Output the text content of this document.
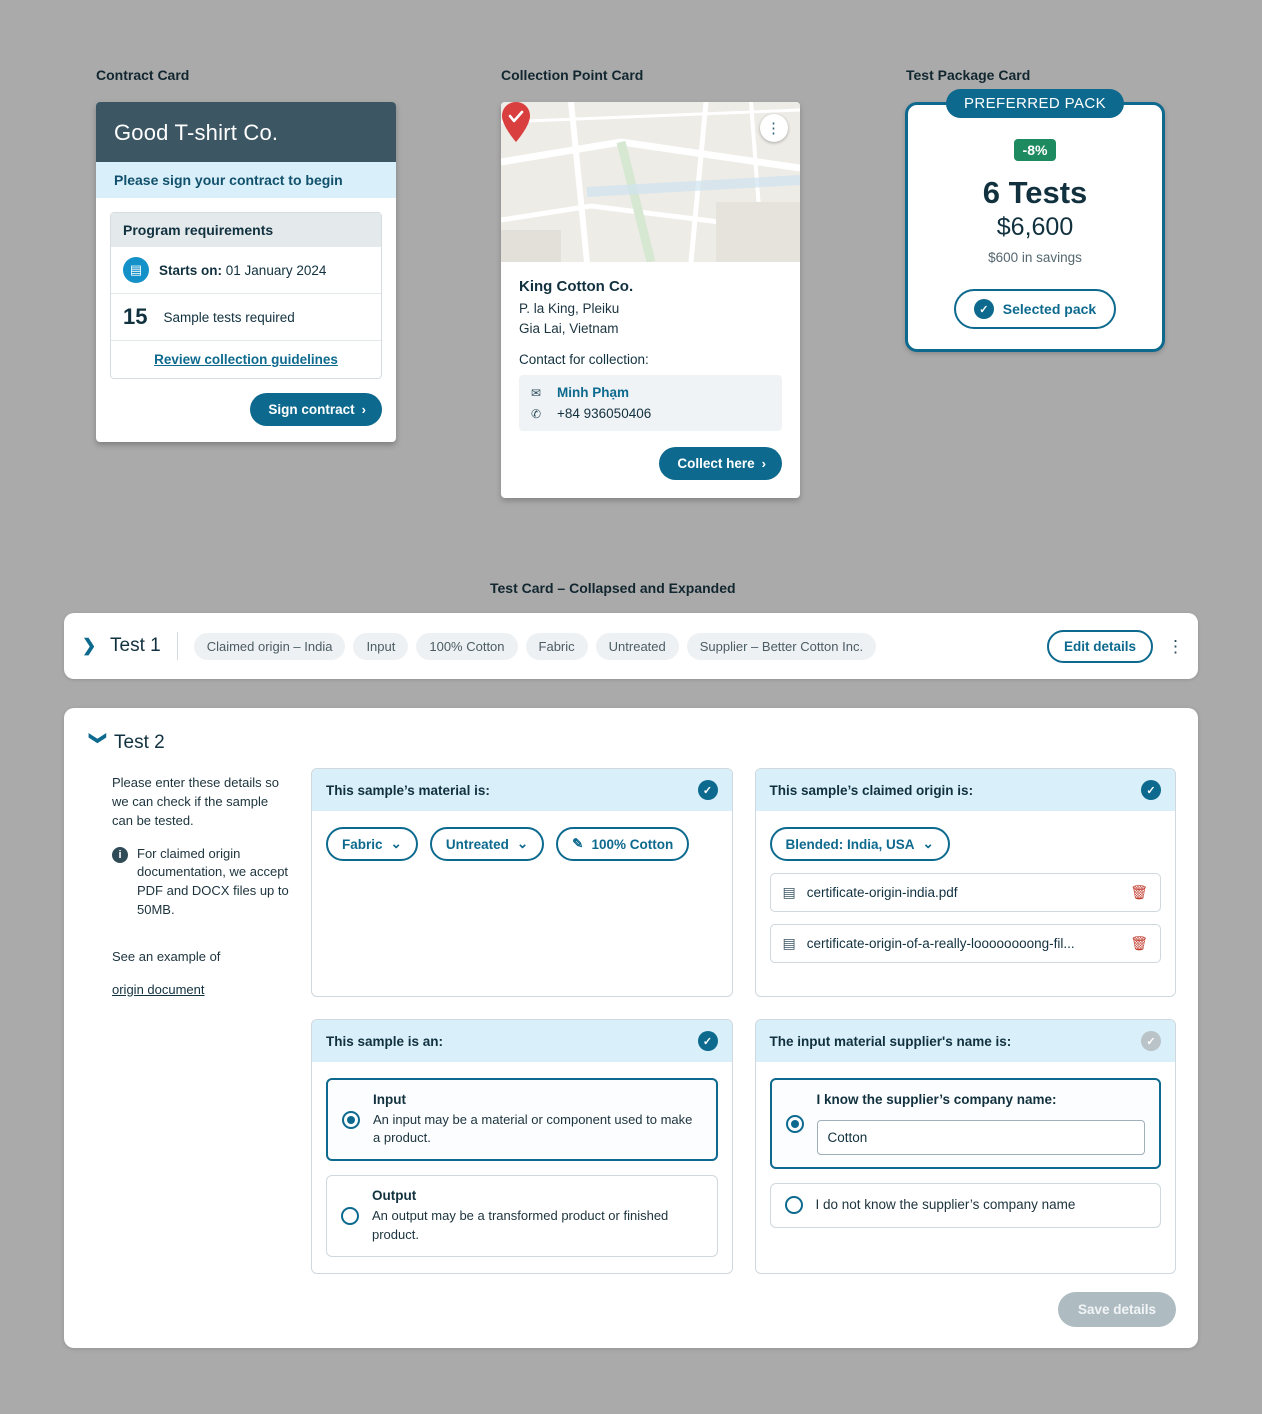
Contract Card	Collection Point Card	Test Package Card
Test Card – Collapsed and Expanded
Good T-shirt Co.
Please sign your contract to begin
Program requirements
▤	Starts on: 01 January 2024
15 Sample tests required
Review collection guidelines
Sign contract ›
⋮
King Cotton Co.
P. la King, Pleiku
Gia Lai, Vietnam
Contact for collection:
✉	Minh Phạm
✆	+84 936050406
Collect here ›
PREFERRED PACK
-8%
6 Tests
$6,600
$600 in savings
✓	Selected pack
❯ Test 1	Claimed origin – India	Input	100% Cotton	Fabric	Untreated	Supplier – Better Cotton Inc.	Edit details	⋮
❯ Test 2

Please enter these details so we can check if the sample can be tested.

i	For claimed origin documentation, we accept PDF and DOCX files up to 50MB.

See an example of

origin document
This sample’s material is:	✓
Fabric ⌄	Untreated ⌄	✎ 100% Cotton
This sample’s claimed origin is:	✓
Blended: India, USA ⌄
▤ certificate-origin-india.pdf	🗑
▤ certificate-origin-of-a-really-loooooooong-fil...	🗑
This sample is an:	✓
Input
An input may be a material or component used to make a product.
Output
An output may be a transformed product or finished product.
The input material supplier's name is:	✓
I know the supplier’s company name:
Cotton
I do not know the supplier’s company name
Save details
